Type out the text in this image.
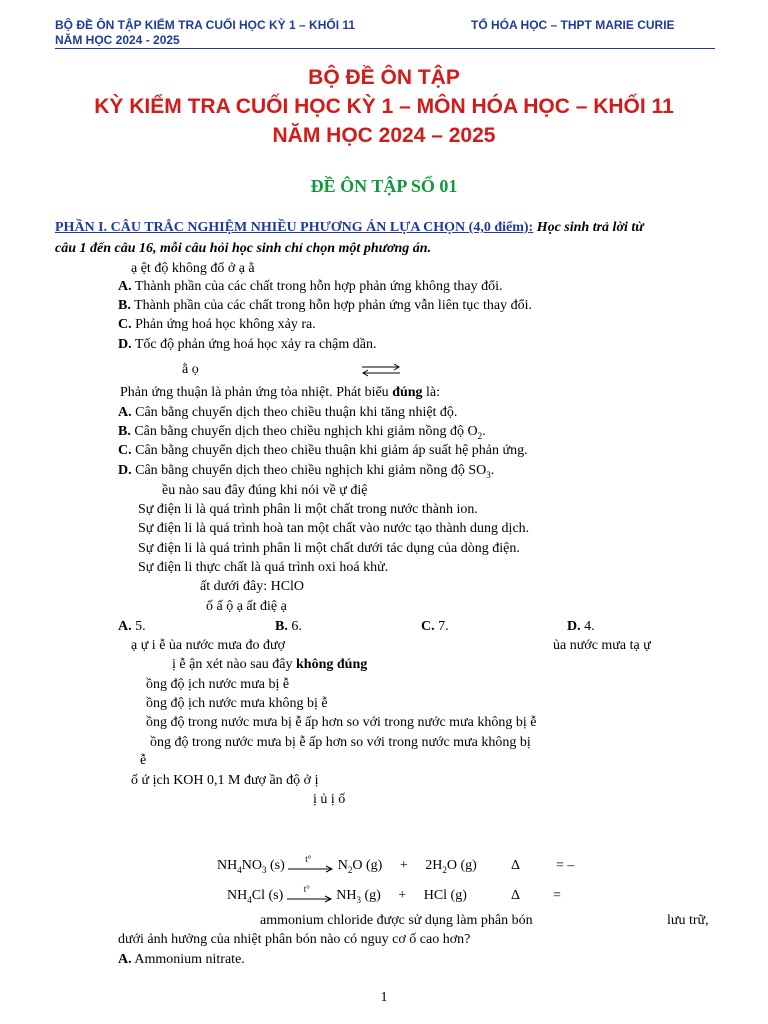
BỘ ĐỀ ÔN TẬP KIỂM TRA CUỐI HỌC KỲ 1 – KHỐI 11
NĂM HỌC 2024 - 2025
TỔ HÓA HỌC – THPT MARIE CURIE
BỘ ĐỀ ÔN TẬP
KỲ KIỂM TRA CUỐI HỌC KỲ 1 – MÔN HÓA HỌC – KHỐI 11
NĂM HỌC 2024 – 2025
ĐỀ ÔN TẬP SỐ 01
PHẦN I. CÂU TRẮC NGHIỆM NHIỀU PHƯƠNG ÁN LỰA CHỌN (4,0 điểm): Học sinh trả lời từ
câu 1 đến câu 16, mỗi câu hỏi học sinh chỉ chọn một phương án.
ạ ệt độ không đổ ở ạ ằ
A. Thành phần của các chất trong hỗn hợp phản ứng không thay đổi.
B. Thành phần của các chất trong hỗn hợp phản ứng vẫn liên tục thay đổi.
C. Phản ứng hoá học không xảy ra.
D. Tốc độ phản ứng hoá học xảy ra chậm dần.
ằ ọ
Phản ứng thuận là phản ứng tỏa nhiệt. Phát biểu đúng là:
A. Cân bằng chuyển dịch theo chiều thuận khi tăng nhiệt độ.
B. Cân bằng chuyển dịch theo chiều nghịch khi giảm nồng độ $O_2$.
C. Cân bằng chuyển dịch theo chiều thuận khi giảm áp suất hệ phản ứng.
D. Cân bằng chuyển dịch theo chiều nghịch khi giảm nồng độ $SO_3$.
ều nào sau đây đúng khi nói về ự điệ
Sự điện li là quá trình phân li một chất trong nước thành ion.
Sự điện li là quá trình hoà tan một chất vào nước tạo thành dung dịch.
Sự điện li là quá trình phân li một chất dưới tác dụng của dòng điện.
Sự điện li thực chất là quá trình oxi hoá khử.
ất dưới đây: HClO
ố ấ ộ ạ ất điệ ạ
A. 5.	B. 6.	C. 7.	D. 4.
ạ ự i ễ ủa nước mưa đo đượ	ủa nước mưa tạ ự
ị ễ ận xét nào sau đây không đúng
ồng độ ịch nước mưa bị ễ
ồng độ ịch nước mưa không bị ễ
ồng độ trong nước mưa bị ễ ấp hơn so với trong nước mưa không bị ễ
ồng độ trong nước mưa bị ễ ấp hơn so với trong nước mưa không bị
ễ
ố ứ ịch KOH 0,1 M đượ ần độ ở ị
ị ủ ị ố
$NH_4NO_3$ (s) t° $N_2O$ $(g) + 2H_2O$ (g) Δ	= –
$NH_4Cl$ (s) t° $NH_3$ (g) + HCl (g)	Δ =
ammonium chloride được sử dụng làm phân bón	lưu trữ,
dưới ảnh hưởng của nhiệt phân bón nào có nguy cơ ố cao hơn?
A. Ammonium nitrate.
1
